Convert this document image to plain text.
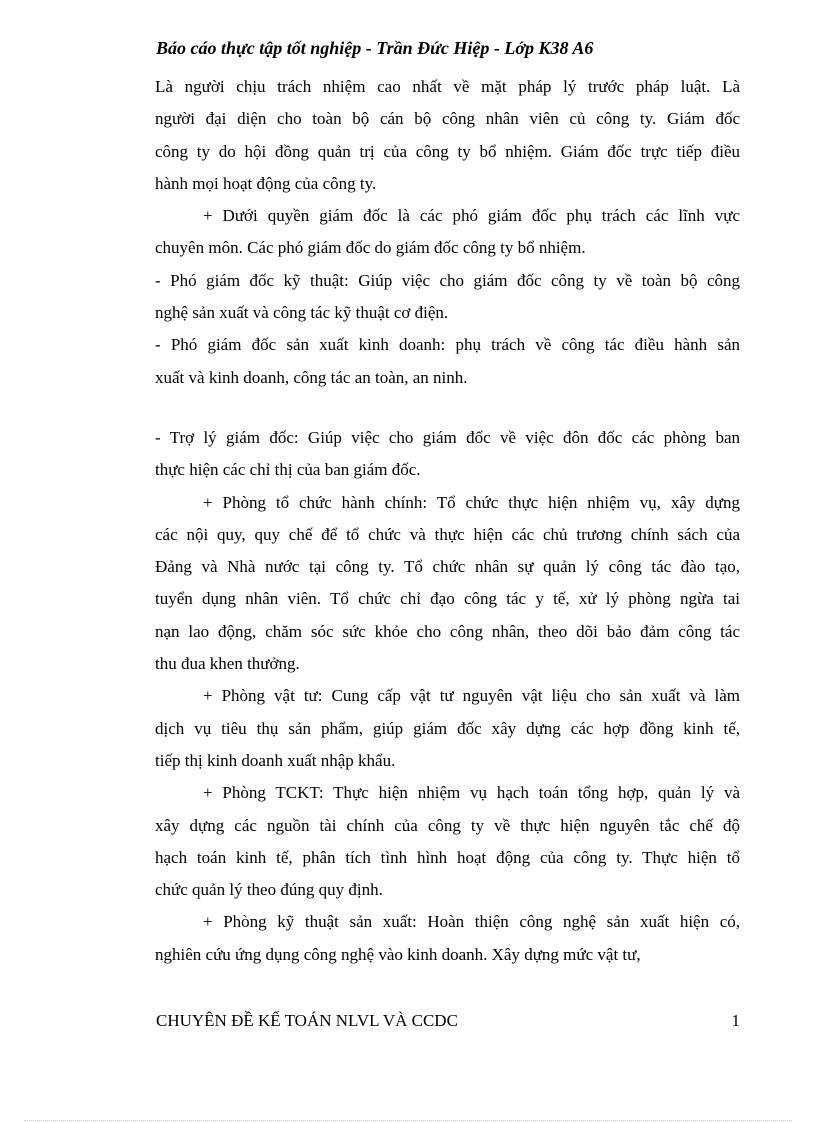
Báo cáo thực tập tốt nghiệp - Trần Đức Hiệp - Lớp K38 A6
Là người chịu trách nhiệm cao nhất về mặt pháp lý trước pháp luật. Là
người đại diện cho toàn bộ cán bộ công nhân viên củ công ty. Giám đốc
công ty do hội đồng quản trị của công ty bổ nhiệm. Giám đốc trực tiếp điều
hành mọi hoạt động của công ty.
+ Dưới quyền giám đốc là các phó giám đốc phụ trách các lĩnh vực
chuyên môn. Các phó giám đốc do giám đốc công ty bổ nhiệm.
- Phó giám đốc kỹ thuật: Giúp việc cho giám đốc công ty về toàn bộ công
nghệ sản xuất và công tác kỹ thuật cơ điện.
- Phó giám đốc sản xuất kinh doanh: phụ trách về công tác điều hành sản
xuất và kinh doanh, công tác an toàn, an ninh.
- Trợ lý giám đốc: Giúp việc cho giám đốc về việc đôn đốc các phòng ban
thực hiện các chỉ thị của ban giám đốc.
+ Phòng tổ chức hành chính: Tổ chức thực hiện nhiệm vụ, xây dựng
các nội quy, quy chế để tổ chức và thực hiện các chủ trương chính sách của
Đảng và Nhà nước tại công ty. Tổ chức nhân sự quản lý công tác đào tạo,
tuyển dụng nhân viên. Tổ chức chỉ đạo công tác y tế, xử lý phòng ngừa tai
nạn lao động, chăm sóc sức khỏe cho công nhân, theo dõi bảo đảm công tác
thu đua khen thưởng.
+ Phòng vật tư: Cung cấp vật tư nguyên vật liệu cho sản xuất và làm
dịch vụ tiêu thụ sản phẩm, giúp giám đốc xây dựng các hợp đồng kinh tế,
tiếp thị kinh doanh xuất nhập khẩu.
+ Phòng TCKT: Thực hiện nhiệm vụ hạch toán tổng hợp, quản lý và
xây dựng các nguồn tài chính của công ty về thực hiện nguyên tắc chế độ
hạch toán kinh tế, phân tích tình hình hoạt động của công ty. Thực hiện tổ
chức quản lý theo đúng quy định.
+ Phòng kỹ thuật sản xuất: Hoàn thiện công nghệ sản xuất hiện có,
nghiên cứu ứng dụng công nghệ vào kinh doanh. Xây dựng mức vật tư,
CHUYÊN ĐỀ KẾ TOÁN NLVL VÀ CCDC	1
